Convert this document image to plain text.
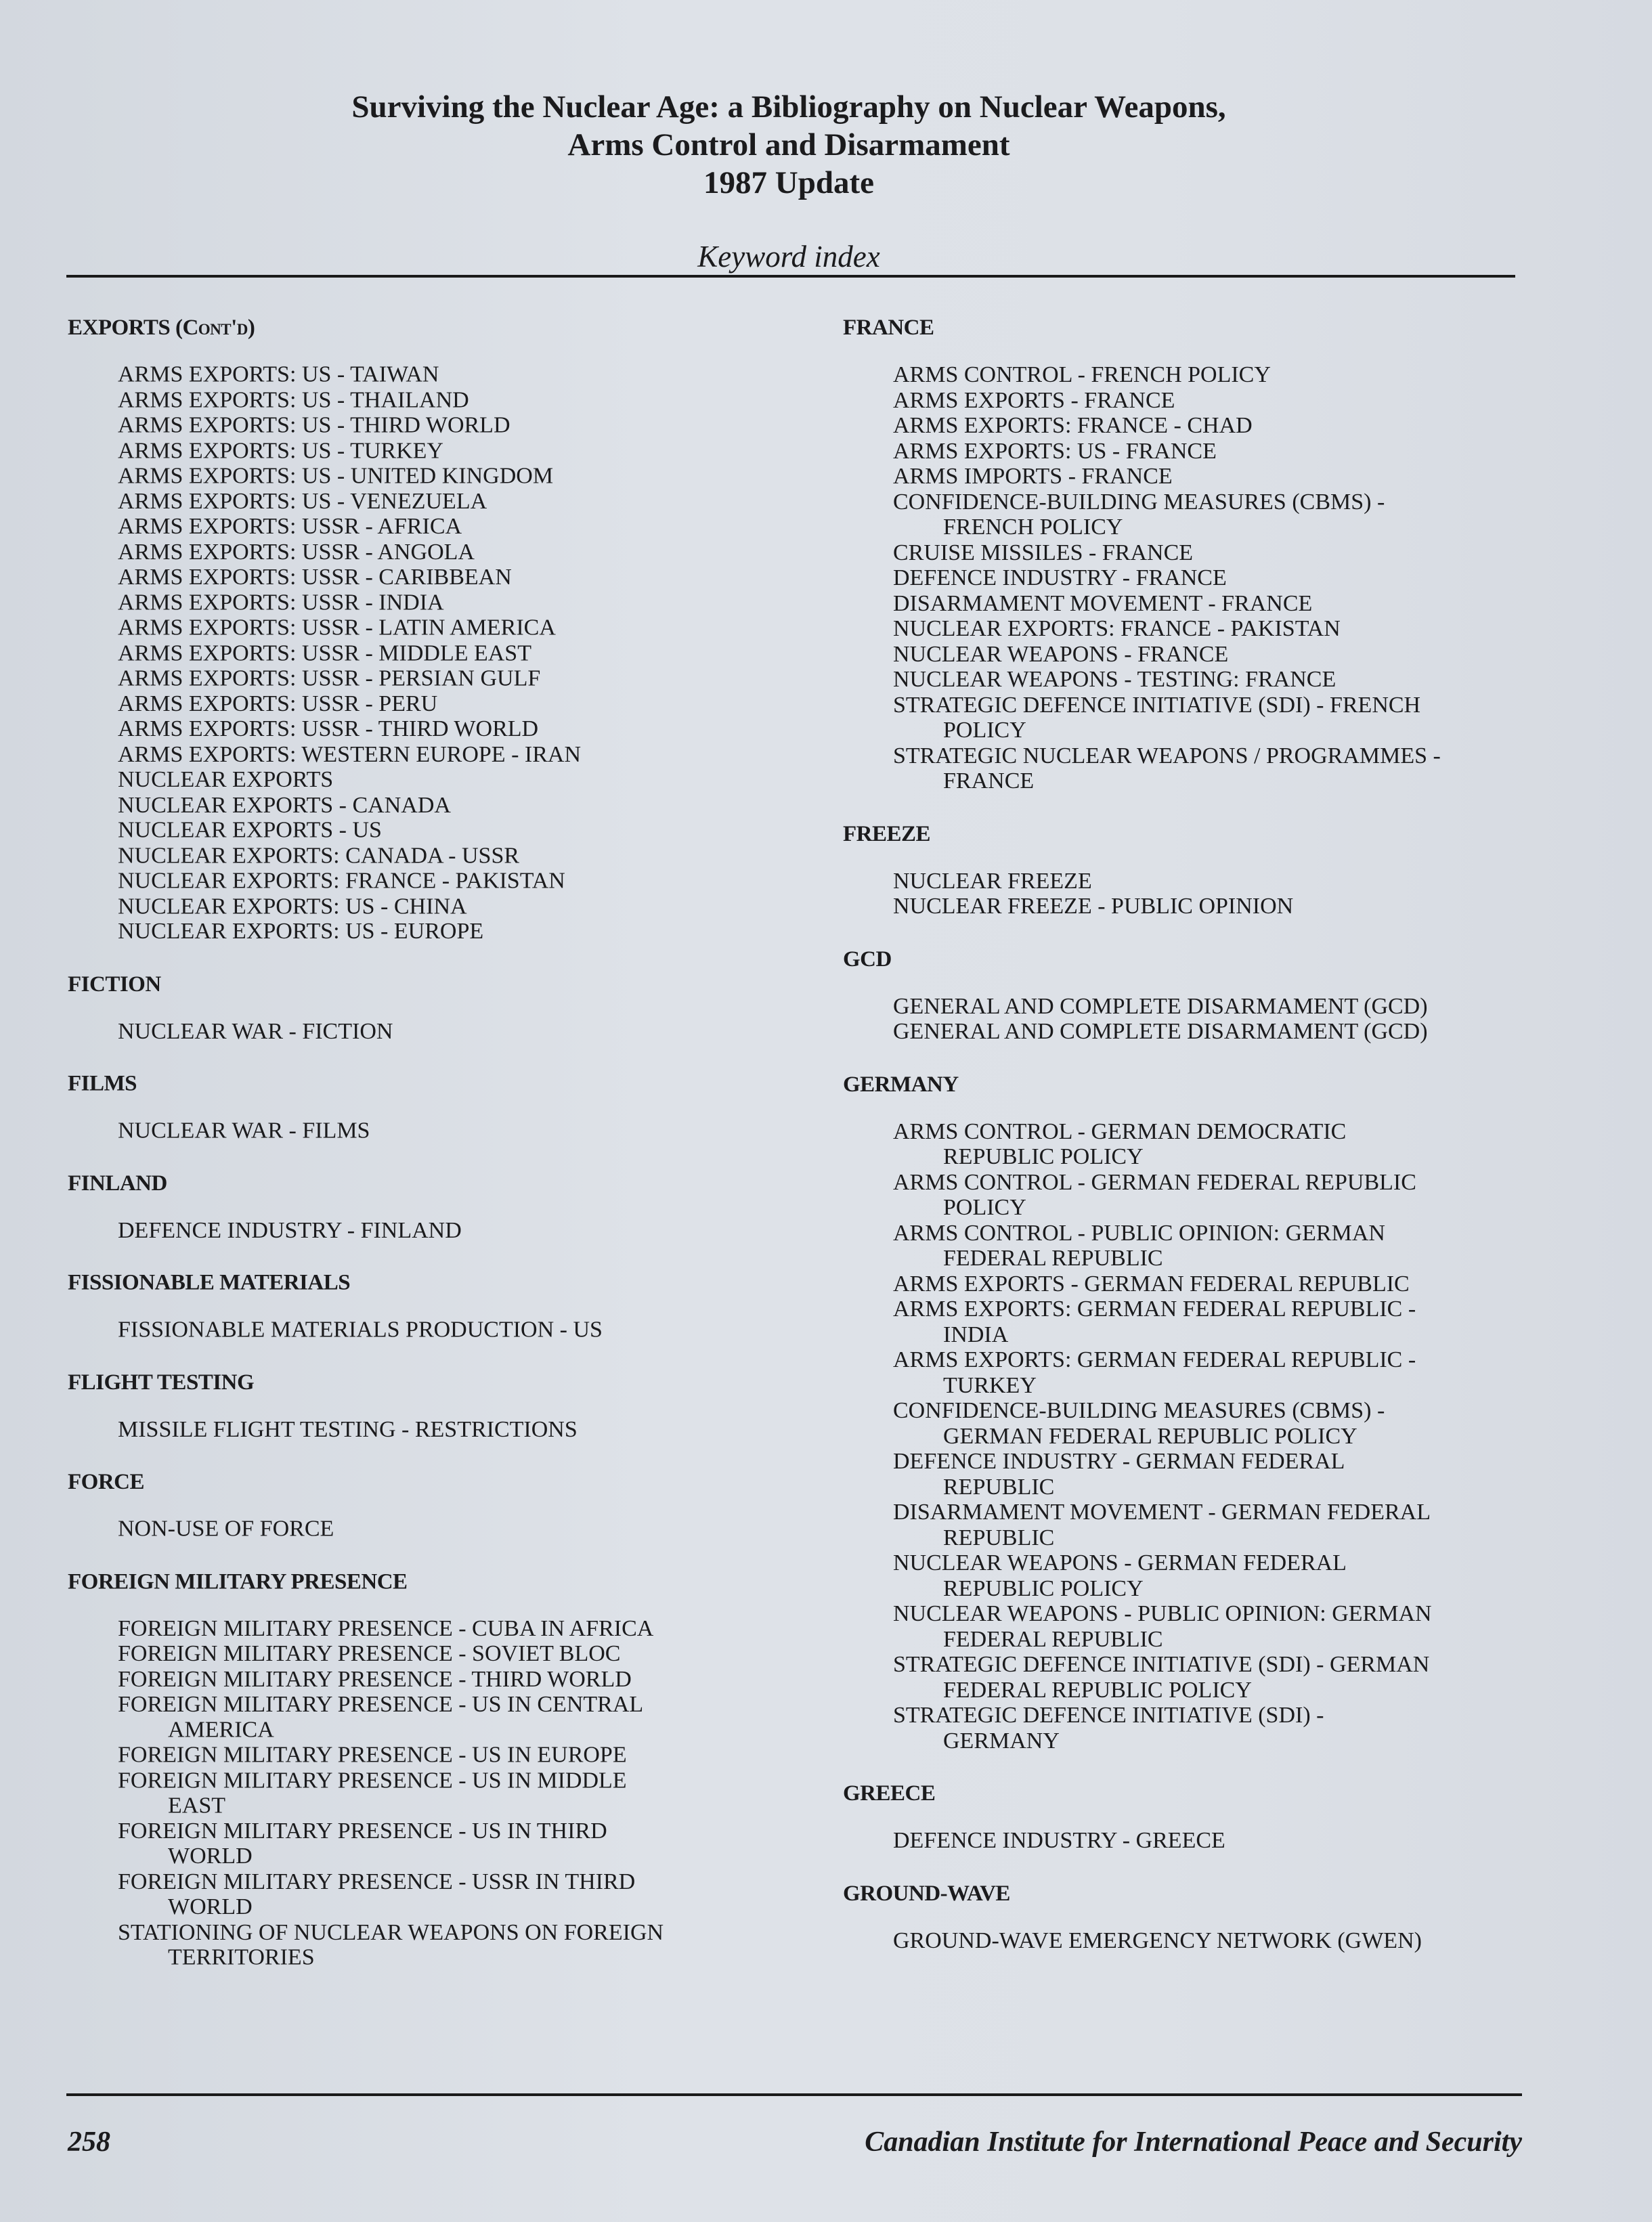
Surviving the Nuclear Age: a Bibliography on Nuclear Weapons,
Arms Control and Disarmament
1987 Update
Keyword index
EXPORTS (Cont'd)
ARMS EXPORTS: US - TAIWAN
ARMS EXPORTS: US - THAILAND
ARMS EXPORTS: US - THIRD WORLD
ARMS EXPORTS: US - TURKEY
ARMS EXPORTS: US - UNITED KINGDOM
ARMS EXPORTS: US - VENEZUELA
ARMS EXPORTS: USSR - AFRICA
ARMS EXPORTS: USSR - ANGOLA
ARMS EXPORTS: USSR - CARIBBEAN
ARMS EXPORTS: USSR - INDIA
ARMS EXPORTS: USSR - LATIN AMERICA
ARMS EXPORTS: USSR - MIDDLE EAST
ARMS EXPORTS: USSR - PERSIAN GULF
ARMS EXPORTS: USSR - PERU
ARMS EXPORTS: USSR - THIRD WORLD
ARMS EXPORTS: WESTERN EUROPE - IRAN
NUCLEAR EXPORTS
NUCLEAR EXPORTS - CANADA
NUCLEAR EXPORTS - US
NUCLEAR EXPORTS: CANADA - USSR
NUCLEAR EXPORTS: FRANCE - PAKISTAN
NUCLEAR EXPORTS: US - CHINA
NUCLEAR EXPORTS: US - EUROPE
FICTION
NUCLEAR WAR - FICTION
FILMS
NUCLEAR WAR - FILMS
FINLAND
DEFENCE INDUSTRY - FINLAND
FISSIONABLE MATERIALS
FISSIONABLE MATERIALS PRODUCTION - US
FLIGHT TESTING
MISSILE FLIGHT TESTING - RESTRICTIONS
FORCE
NON-USE OF FORCE
FOREIGN MILITARY PRESENCE
FOREIGN MILITARY PRESENCE - CUBA IN AFRICA
FOREIGN MILITARY PRESENCE - SOVIET BLOC
FOREIGN MILITARY PRESENCE - THIRD WORLD
FOREIGN MILITARY PRESENCE - US IN CENTRAL
AMERICA
FOREIGN MILITARY PRESENCE - US IN EUROPE
FOREIGN MILITARY PRESENCE - US IN MIDDLE
EAST
FOREIGN MILITARY PRESENCE - US IN THIRD
WORLD
FOREIGN MILITARY PRESENCE - USSR IN THIRD
WORLD
STATIONING OF NUCLEAR WEAPONS ON FOREIGN
TERRITORIES
FRANCE
ARMS CONTROL - FRENCH POLICY
ARMS EXPORTS - FRANCE
ARMS EXPORTS: FRANCE - CHAD
ARMS EXPORTS: US - FRANCE
ARMS IMPORTS - FRANCE
CONFIDENCE-BUILDING MEASURES (CBMS) -
FRENCH POLICY
CRUISE MISSILES - FRANCE
DEFENCE INDUSTRY - FRANCE
DISARMAMENT MOVEMENT - FRANCE
NUCLEAR EXPORTS: FRANCE - PAKISTAN
NUCLEAR WEAPONS - FRANCE
NUCLEAR WEAPONS - TESTING: FRANCE
STRATEGIC DEFENCE INITIATIVE (SDI) - FRENCH
POLICY
STRATEGIC NUCLEAR WEAPONS / PROGRAMMES -
FRANCE
FREEZE
NUCLEAR FREEZE
NUCLEAR FREEZE - PUBLIC OPINION
GCD
GENERAL AND COMPLETE DISARMAMENT (GCD)
GENERAL AND COMPLETE DISARMAMENT (GCD)
GERMANY
ARMS CONTROL - GERMAN DEMOCRATIC
REPUBLIC POLICY
ARMS CONTROL - GERMAN FEDERAL REPUBLIC
POLICY
ARMS CONTROL - PUBLIC OPINION: GERMAN
FEDERAL REPUBLIC
ARMS EXPORTS - GERMAN FEDERAL REPUBLIC
ARMS EXPORTS: GERMAN FEDERAL REPUBLIC -
INDIA
ARMS EXPORTS: GERMAN FEDERAL REPUBLIC -
TURKEY
CONFIDENCE-BUILDING MEASURES (CBMS) -
GERMAN FEDERAL REPUBLIC POLICY
DEFENCE INDUSTRY - GERMAN FEDERAL
REPUBLIC
DISARMAMENT MOVEMENT - GERMAN FEDERAL
REPUBLIC
NUCLEAR WEAPONS - GERMAN FEDERAL
REPUBLIC POLICY
NUCLEAR WEAPONS - PUBLIC OPINION: GERMAN
FEDERAL REPUBLIC
STRATEGIC DEFENCE INITIATIVE (SDI) - GERMAN
FEDERAL REPUBLIC POLICY
STRATEGIC DEFENCE INITIATIVE (SDI) -
GERMANY
GREECE
DEFENCE INDUSTRY - GREECE
GROUND-WAVE
GROUND-WAVE EMERGENCY NETWORK (GWEN)
258	Canadian Institute for International Peace and Security
